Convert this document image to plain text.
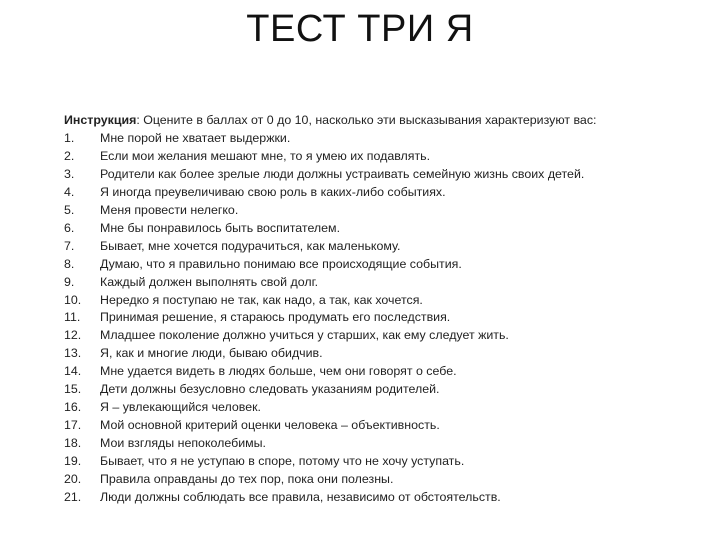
ТЕСТ ТРИ Я
Инструкция: Оцените в баллах от 0 до 10, насколько эти высказывания характеризуют вас:
1.	Мне порой не хватает выдержки.
2.	Если мои желания мешают мне, то я умею их подавлять.
3.	Родители как более зрелые люди должны устраивать семейную жизнь своих детей.
4.	Я иногда преувеличиваю свою роль в каких-либо событиях.
5.	Меня провести нелегко.
6.	Мне бы понравилось быть воспитателем.
7.	Бывает, мне хочется подурачиться, как маленькому.
8.	Думаю, что я правильно понимаю все происходящие события.
9.	Каждый должен выполнять свой долг.
10.	Нередко я поступаю не так, как надо, а так, как хочется.
11.	Принимая решение, я стараюсь продумать его последствия.
12.	Младшее поколение должно учиться у старших, как ему следует жить.
13.	Я, как и многие люди, бываю обидчив.
14.	Мне удается видеть в людях больше, чем они говорят о себе.
15.	Дети должны безусловно следовать указаниям родителей.
16.	Я – увлекающийся человек.
17.	Мой основной критерий оценки человека – объективность.
18.	Мои взгляды непоколебимы.
19.	Бывает, что я не уступаю в споре, потому что не хочу уступать.
20.	Правила оправданы до тех пор, пока они полезны.
21.	Люди должны соблюдать все правила, независимо от обстоятельств.
